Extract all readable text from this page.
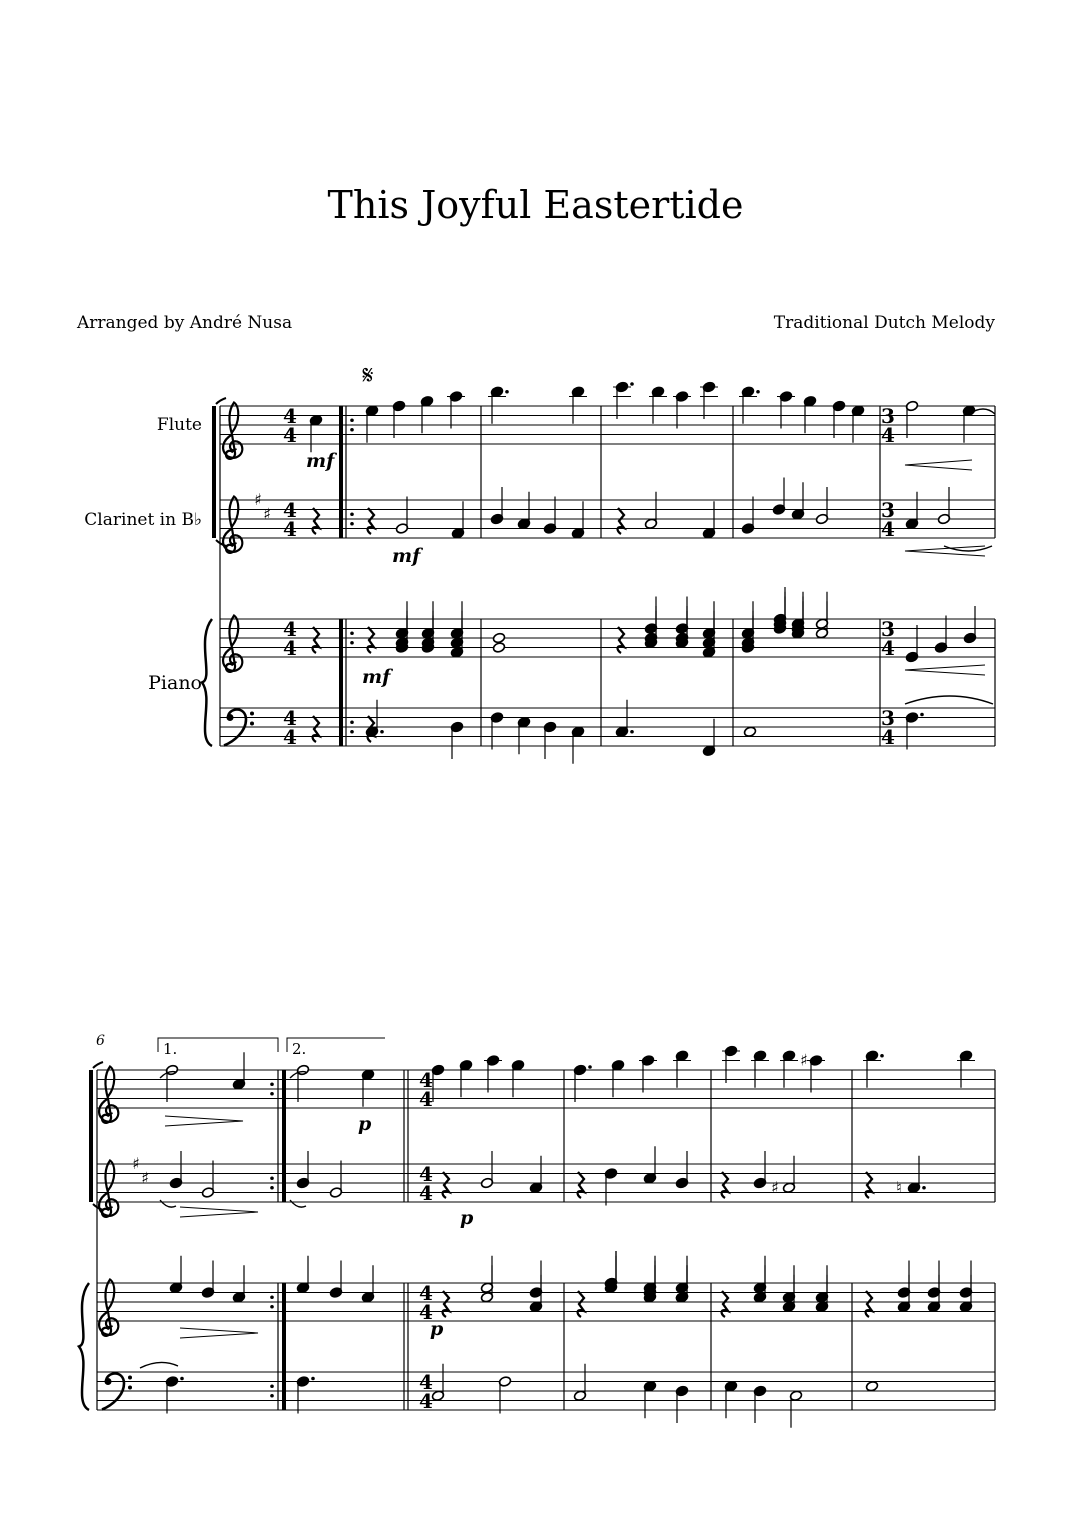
This Joyful Eastertide
Arranged by André Nusa	Traditional Dutch Melody
Flute
Clarinet in B♭
Piano
6
♯
♯
4
4
4
4
4
4
4
4
3
4
3
4
3
4
3
4
𝄋
mf
mf
mf
♯
♯
1.	2.
4
4
4
4
4
4
4
4
p
♯
p
♯	♮
p
